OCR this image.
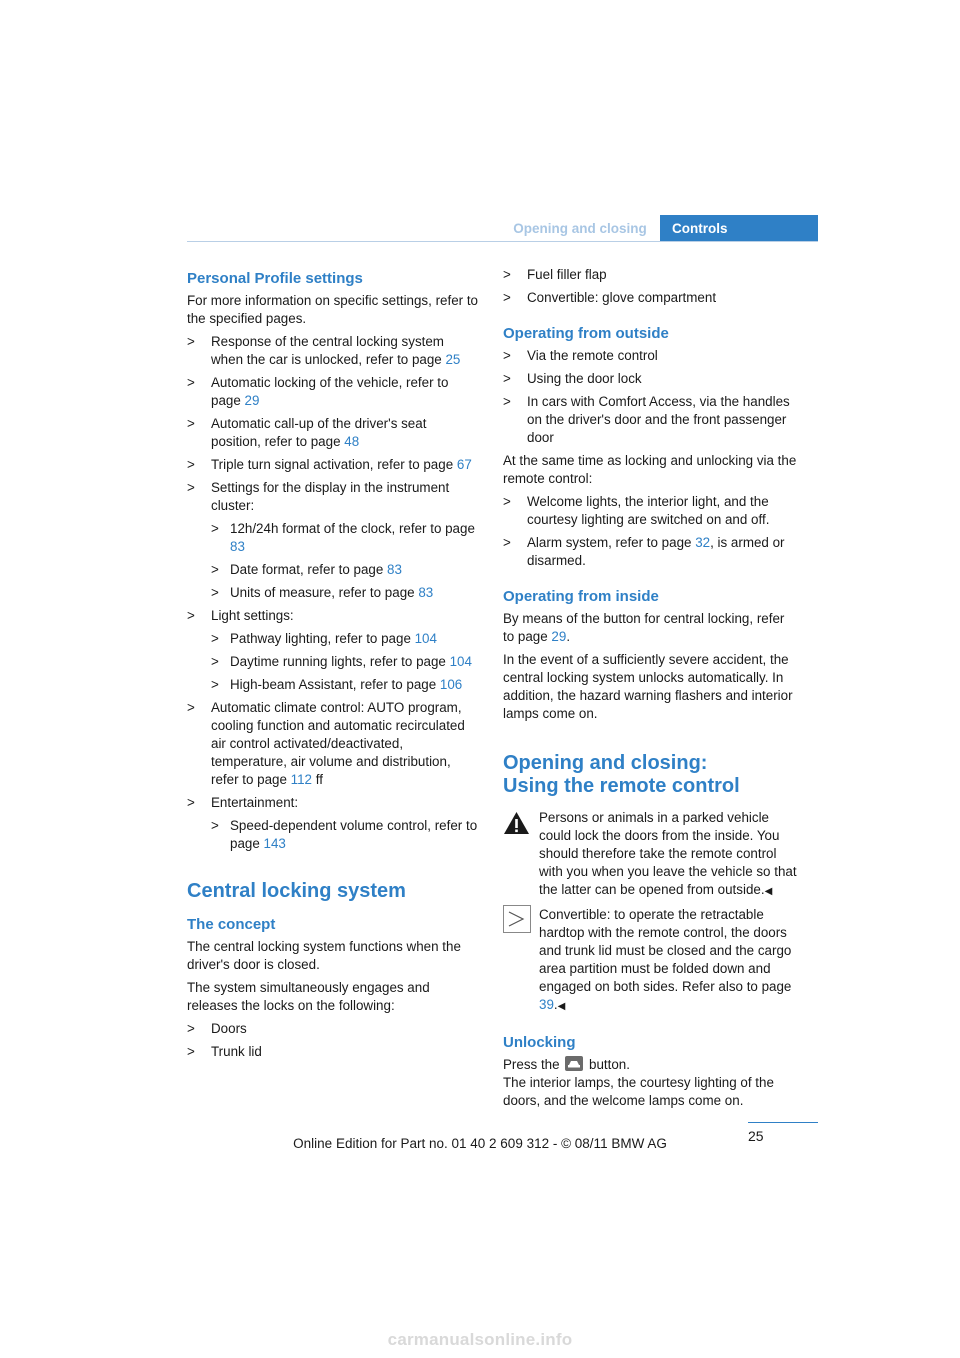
Opening and closing	Controls
Personal Profile settings

For more information on specific settings, refer to the specified pages.

> Response of the central locking system when the car is unlocked, refer to page 25
> Automatic locking of the vehicle, refer to page 29
> Automatic call-up of the driver's seat position, refer to page 48
> Triple turn signal activation, refer to page 67
> Settings for the display in the instrument cluster:
> 12h/24h format of the clock, refer to page 83
> Date format, refer to page 83
> Units of measure, refer to page 83
> Light settings:
> Pathway lighting, refer to page 104
> Daytime running lights, refer to page 104
> High-beam Assistant, refer to page 106
> Automatic climate control: AUTO program, cooling function and automatic recirculated air control activated/deactivated, temperature, air volume and distribution, refer to page 112 ff
> Entertainment:
> Speed-dependent volume control, refer to page 143
Central locking system
The concept

The central locking system functions when the driver's door is closed.

The system simultaneously engages and releases the locks on the following:

> Doors
> Trunk lid
> Fuel filler flap
> Convertible: glove compartment
Operating from outside
> Via the remote control
> Using the door lock
> In cars with Comfort Access, via the handles on the driver's door and the front passenger door

At the same time as locking and unlocking via the remote control:

> Welcome lights, the interior light, and the courtesy lighting are switched on and off.
> Alarm system, refer to page 32, is armed or disarmed.
Operating from inside

By means of the button for central locking, refer to page 29.

In the event of a sufficiently severe accident, the central locking system unlocks automatically. In addition, the hazard warning flashers and interior lamps come on.

Opening and closing:
Using the remote control
Persons or animals in a parked vehicle could lock the doors from the inside. You should therefore take the remote control with you when you leave the vehicle so that the latter can be opened from outside.◀
Convertible: to operate the retractable hardtop with the remote control, the doors and trunk lid must be closed and the cargo area partition must be folded down and engaged on both sides. Refer also to page 39.◀
Unlocking
Press the
button.
The interior lamps, the courtesy lighting of the doors, and the welcome lamps come on.
25
Online Edition for Part no. 01 40 2 609 312 - © 08/11 BMW AG
carmanualsonline.info
